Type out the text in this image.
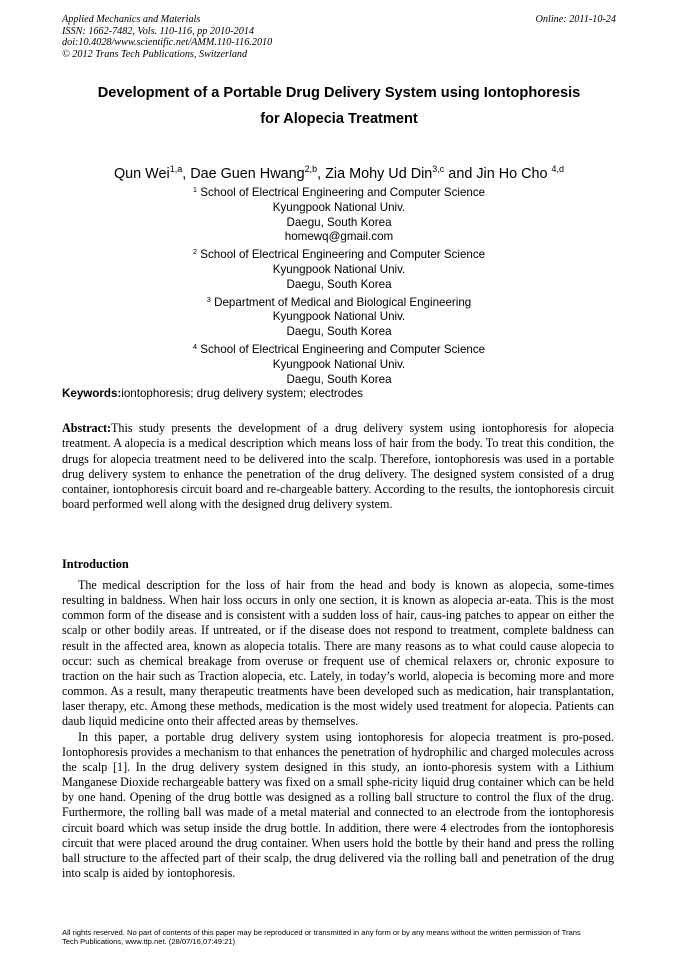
Applied Mechanics and Materials
ISSN: 1662-7482, Vols. 110-116, pp 2010-2014
doi:10.4028/www.scientific.net/AMM.110-116.2010
© 2012 Trans Tech Publications, Switzerland
Online: 2011-10-24
Development of a Portable Drug Delivery System using Iontophoresis
for Alopecia Treatment
Qun Wei$^{1,a}$, Dae Guen Hwang$^{2,b}$, Zia Mohy Ud Din$^{3,c}$ and Jin Ho Cho $^{4,d}$
$^1$ School of Electrical Engineering and Computer Science
Kyungpook National Univ.
Daegu, South Korea
homewq@gmail.com
$^2$ School of Electrical Engineering and Computer Science
Kyungpook National Univ.
Daegu, South Korea
$^3$ Department of Medical and Biological Engineering
Kyungpook National Univ.
Daegu, South Korea
$^4$ School of Electrical Engineering and Computer Science
Kyungpook National Univ.
Daegu, South Korea
Keywords:iontophoresis; drug delivery system; electrodes
Abstract:This study presents the development of a drug delivery system using iontophoresis for alopecia treatment. A alopecia is a medical description which means loss of hair from the body. To treat this condition, the drugs for alopecia treatment need to be delivered into the scalp. Therefore, iontophoresis was used in a portable drug delivery system to enhance the penetration of the drug delivery. The designed system consisted of a drug container, iontophoresis circuit board and re-chargeable battery. According to the results, the iontophoresis circuit board performed well along with the designed drug delivery system.
Introduction

The medical description for the loss of hair from the head and body is known as alopecia, some-times resulting in baldness. When hair loss occurs in only one section, it is known as alopecia ar-eata. This is the most common form of the disease and is consistent with a sudden loss of hair, caus-ing patches to appear on either the scalp or other bodily areas. If untreated, or if the disease does not respond to treatment, complete baldness can result in the affected area, known as alopecia totalis. There are many reasons as to what could cause alopecia to occur: such as chemical breakage from overuse or frequent use of chemical relaxers or, chronic exposure to traction on the hair such as Traction alopecia, etc. Lately, in today’s world, alopecia is becoming more and more common. As a result, many therapeutic treatments have been developed such as medication, hair transplantation, laser therapy, etc. Among these methods, medication is the most widely used treatment for alopecia. Patients can daub liquid medicine onto their affected areas by themselves.

In this paper, a portable drug delivery system using iontophoresis for alopecia treatment is pro-posed. Iontophoresis provides a mechanism to that enhances the penetration of hydrophilic and charged molecules across the scalp [1]. In the drug delivery system designed in this study, an ionto-phoresis system with a Lithium Manganese Dioxide rechargeable battery was fixed on a small sphe-ricity liquid drug container which can be held by one hand. Opening of the drug bottle was designed as a rolling ball structure to control the flux of the drug. Furthermore, the rolling ball was made of a metal material and connected to an electrode from the iontophoresis circuit board which was setup inside the drug bottle. In addition, there were 4 electrodes from the iontophoresis circuit that were placed around the drug container. When users hold the bottle by their hand and press the rolling ball structure to the affected part of their scalp, the drug delivered via the rolling ball and penetration of the drug into scalp is aided by iontophoresis.

All rights reserved. No part of contents of this paper may be reproduced or transmitted in any form or by any means without the written permission of Trans
Tech Publications, www.ttp.net. (28/07/16,07:49:21)
